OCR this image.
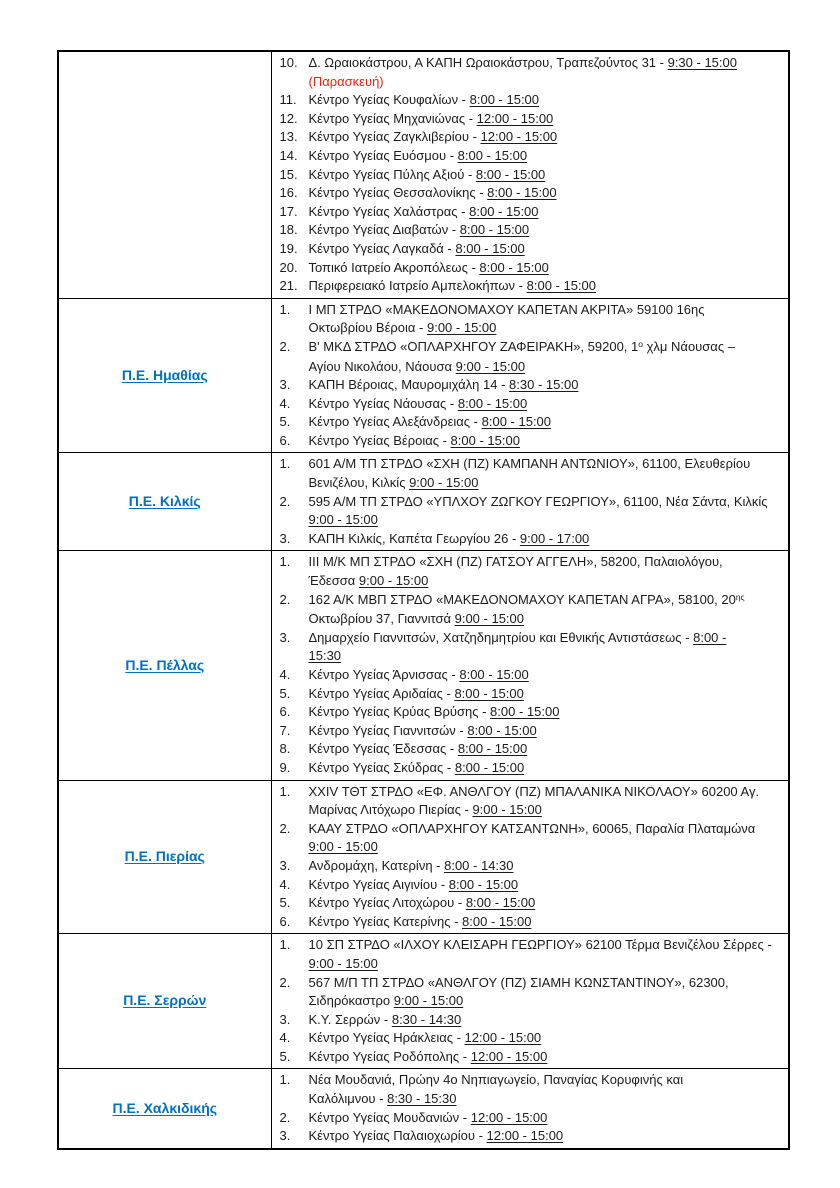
10. Δ. Ωραιοκάστρου, Α ΚΑΠΗ Ωραιοκάστρου, Τραπεζούντος 31 - 9:30 - 15:00
(Παρασκευή)
11. Κέντρο Υγείας Κουφαλίων - 8:00 - 15:00
12. Κέντρο Υγείας Μηχανιώνας - 12:00 - 15:00
13. Κέντρο Υγείας Ζαγκλιβερίου - 12:00 - 15:00
14. Κέντρο Υγείας Ευόσμου - 8:00 - 15:00
15. Κέντρο Υγείας Πύλης Αξιού - 8:00 - 15:00
16. Κέντρο Υγείας Θεσσαλονίκης - 8:00 - 15:00
17. Κέντρο Υγείας Χαλάστρας - 8:00 - 15:00
18. Κέντρο Υγείας Διαβατών - 8:00 - 15:00
19. Κέντρο Υγείας Λαγκαδά - 8:00 - 15:00
20. Τοπικό Ιατρείο Ακροπόλεως - 8:00 - 15:00
21. Περιφερειακό Ιατρείο Αμπελοκήπων - 8:00 - 15:00

Π.Ε. Ημαθίας	
1.	Ι ΜΠ ΣΤΡΔΟ «ΜΑΚΕΔΟΝΟΜΑΧΟΥ ΚΑΠΕΤΑΝ ΑΚΡΙΤΑ» 59100 16ης
Οκτωβρίου Βέροια - 9:00 - 15:00
2.	Β' ΜΚΔ ΣΤΡΔΟ «ΟΠΛΑΡΧΗΓΟΥ ΖΑΦΕΙΡΑΚΗ», 59200, $1^o$ χλμ Νάουσας –
Αγίου Νικολάου, Νάουσα 9:00 - 15:00
3.	ΚΑΠΗ Βέροιας, Μαυρομιχάλη 14 - 8:30 - 15:00
4.	Κέντρο Υγείας Νάουσας - 8:00 - 15:00
5.	Κέντρο Υγείας Αλεξάνδρειας - 8:00 - 15:00
6.	Κέντρο Υγείας Βέροιας - 8:00 - 15:00

Π.Ε. Κιλκίς	
1.	601 Α/Μ ΤΠ ΣΤΡΔΟ «ΣΧΗ (ΠΖ) ΚΑΜΠΑΝΗ ΑΝΤΩΝΙΟΥ», 61100, Ελευθερίου
Βενιζέλου, Κιλκίς 9:00 - 15:00
2.	595 Α/Μ ΤΠ ΣΤΡΔΟ «ΥΠΛΧΟΥ ΖΩΓΚΟΥ ΓΕΩΡΓΙΟΥ», 61100, Νέα Σάντα, Κιλκίς
9:00 - 15:00
3.	ΚΑΠΗ Κιλκίς, Καπέτα Γεωργίου 26 - 9:00 - 17:00

Π.Ε. Πέλλας	
1.	ΙΙΙ Μ/Κ ΜΠ ΣΤΡΔΟ «ΣΧΗ (ΠΖ) ΓΑΤΣΟΥ ΑΓΓΕΛΗ», 58200, Παλαιολόγου,
Έδεσσα 9:00 - 15:00
2.	162 Α/Κ ΜΒΠ ΣΤΡΔΟ «ΜΑΚΕΔΟΝΟΜΑΧΟΥ ΚΑΠΕΤΑΝ ΑΓΡΑ», 58100, $20^{\eta\varsigma}$
Οκτωβρίου 37, Γιαννιτσά 9:00 - 15:00
3.	Δημαρχείο Γιαννιτσών, Χατζηδημητρίου και Εθνικής Αντιστάσεως - 8:00 -
15:30
4.	Κέντρο Υγείας Άρνισσας - 8:00 - 15:00
5.	Κέντρο Υγείας Αριδαίας - 8:00 - 15:00
6.	Κέντρο Υγείας Κρύας Βρύσης - 8:00 - 15:00
7.	Κέντρο Υγείας Γιαννιτσών - 8:00 - 15:00
8.	Κέντρο Υγείας Έδεσσας - 8:00 - 15:00
9.	Κέντρο Υγείας Σκύδρας - 8:00 - 15:00

Π.Ε. Πιερίας	
1.	XXIV ΤΘΤ ΣΤΡΔΟ «ΕΦ. ΑΝΘΛΓΟΥ (ΠΖ) ΜΠΑΛΑΝΙΚΑ ΝΙΚΟΛΑΟΥ» 60200 Αγ.
Μαρίνας Λιτόχωρο Πιερίας - 9:00 - 15:00
2.	ΚΑΑΥ ΣΤΡΔΟ «ΟΠΛΑΡΧΗΓΟΥ ΚΑΤΣΑΝΤΩΝΗ», 60065, Παραλία Πλαταμώνα
9:00 - 15:00
3.	Ανδρομάχη, Κατερίνη - 8:00 - 14:30
4.	Κέντρο Υγείας Αιγινίου - 8:00 - 15:00
5.	Κέντρο Υγείας Λιτοχώρου - 8:00 - 15:00
6.	Κέντρο Υγείας Κατερίνης - 8:00 - 15:00

Π.Ε. Σερρών	
1.	10 ΣΠ ΣΤΡΔΟ «ΙΛΧΟΥ ΚΛΕΙΣΑΡΗ ΓΕΩΡΓΙΟΥ» 62100 Τέρμα Βενιζέλου Σέρρες -
9:00 - 15:00
2.	567 Μ/Π ΤΠ ΣΤΡΔΟ «ΑΝΘΛΓΟΥ (ΠΖ) ΣΙΑΜΗ ΚΩΝΣΤΑΝΤΙΝΟΥ», 62300,
Σιδηρόκαστρο 9:00 - 15:00
3.	Κ.Υ. Σερρών - 8:30 - 14:30
4.	Κέντρο Υγείας Ηράκλειας - 12:00 - 15:00
5.	Κέντρο Υγείας Ροδόπολης - 12:00 - 15:00

Π.Ε. Χαλκιδικής	
1.	Νέα Μουδανιά, Πρώην 4ο Νηπιαγωγείο, Παναγίας Κορυφινής και
Καλόλιμνου - 8:30 - 15:30
2.	Κέντρο Υγείας Μουδανιών - 12:00 - 15:00
3.	Κέντρο Υγείας Παλαιοχωρίου - 12:00 - 15:00
